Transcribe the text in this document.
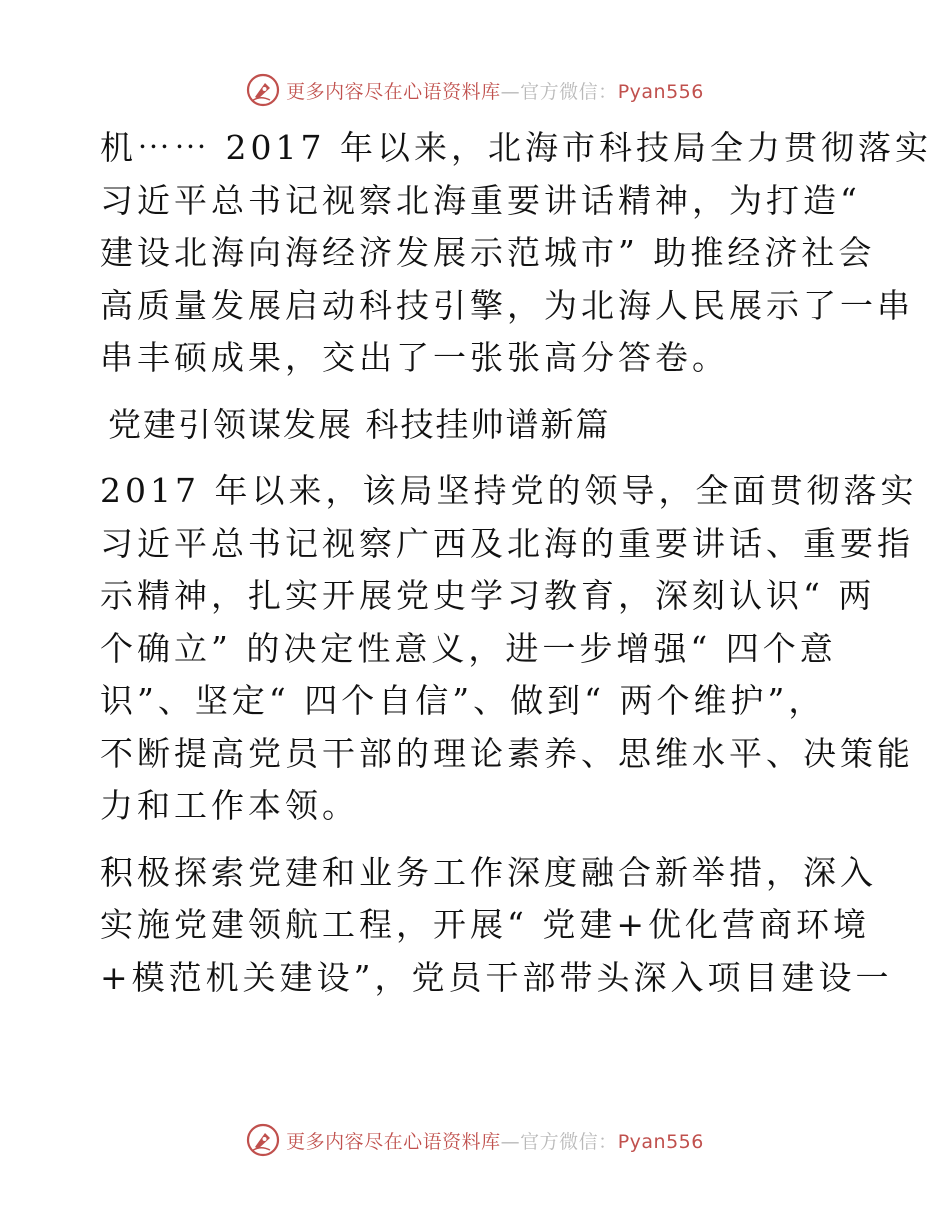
更多内容尽在心语资料库—官方微信：Pyan556

机⋯⋯ 2017 年以来，北海市科技局全力贯彻落实
习近平总书记视察北海重要讲话精神，为打造“
建设北海向海经济发展示范城市” 助推经济社会
高质量发展启动科技引擎，为北海人民展示了一串
串丰硕成果，交出了一张张高分答卷。

党建引领谋发展 科技挂帅谱新篇

2017 年以来，该局坚持党的领导，全面贯彻落实
习近平总书记视察广西及北海的重要讲话、重要指
示精神，扎实开展党史学习教育，深刻认识“ 两
个确立” 的决定性意义，进一步增强“ 四个意
识”、坚定“ 四个自信”、做到“ 两个维护”，
不断提高党员干部的理论素养、思维水平、决策能
力和工作本领。

积极探索党建和业务工作深度融合新举措，深入
实施党建领航工程，开展“ 党建+优化营商环境
+模范机关建设”，党员干部带头深入项目建设一

更多内容尽在心语资料库—官方微信：Pyan556
